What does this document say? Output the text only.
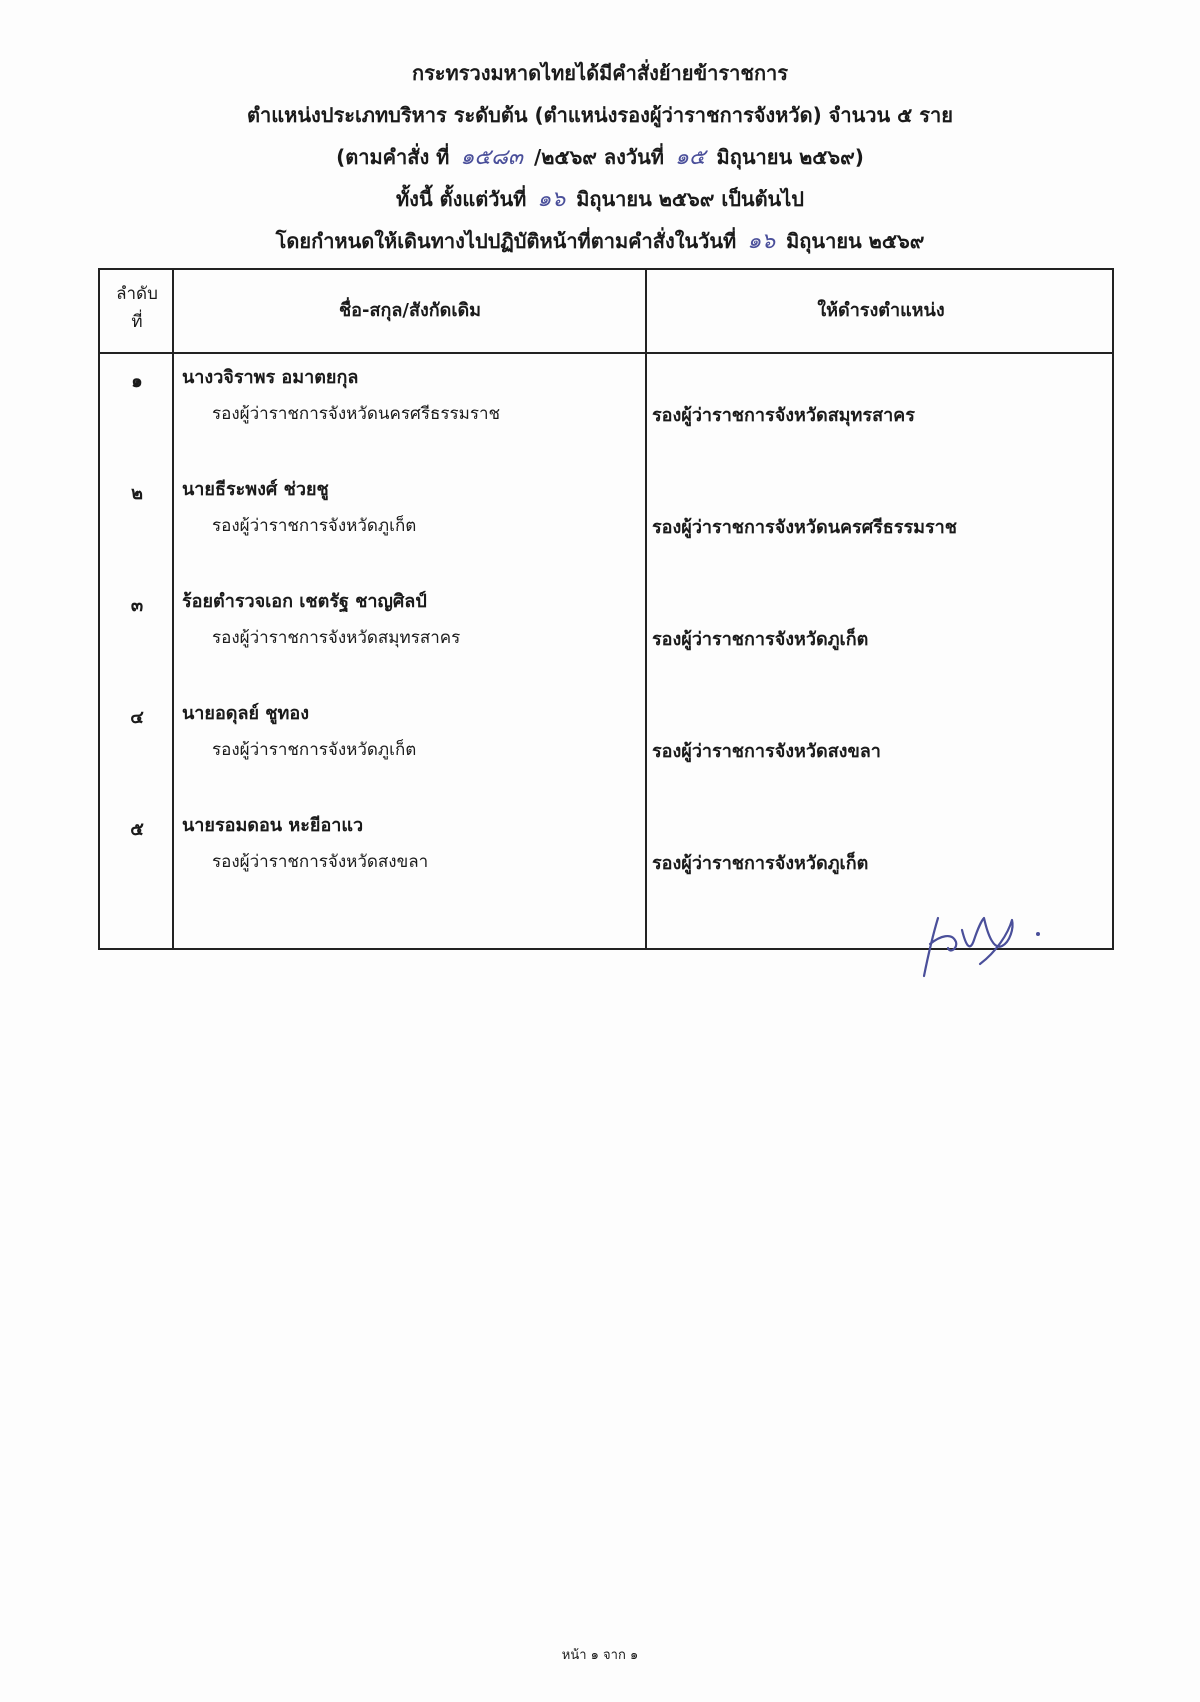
กระทรวงมหาดไทยได้มีคำสั่งย้ายข้าราชการ
ตำแหน่งประเภทบริหาร ระดับต้น (ตำแหน่งรองผู้ว่าราชการจังหวัด) จำนวน ๕ ราย
(ตามคำสั่ง ที่ ๑๕๘๓ /๒๕๖๙ ลงวันที่ ๑๕ มิถุนายน ๒๕๖๙)
ทั้งนี้ ตั้งแต่วันที่ ๑๖ มิถุนายน ๒๕๖๙ เป็นต้นไป
โดยกำหนดให้เดินทางไปปฏิบัติหน้าที่ตามคำสั่งในวันที่ ๑๖ มิถุนายน ๒๕๖๙
ลำดับ
ที่
ชื่อ-สกุล/สังกัดเดิม	ให้ดำรงตำแหน่ง
๑	นางวจิราพร อมาตยกุล
รองผู้ว่าราชการจังหวัดนครศรีธรรมราช	รองผู้ว่าราชการจังหวัดสมุทรสาคร
๒	นายธีระพงศ์ ช่วยชู
รองผู้ว่าราชการจังหวัดภูเก็ต	รองผู้ว่าราชการจังหวัดนครศรีธรรมราช
๓	ร้อยตำรวจเอก เชตรัฐ ชาญศิลป์
รองผู้ว่าราชการจังหวัดสมุทรสาคร	รองผู้ว่าราชการจังหวัดภูเก็ต
๔	นายอดุลย์ ชูทอง
รองผู้ว่าราชการจังหวัดภูเก็ต	รองผู้ว่าราชการจังหวัดสงขลา
๕	นายรอมดอน หะยีอาแว
รองผู้ว่าราชการจังหวัดสงขลา	รองผู้ว่าราชการจังหวัดภูเก็ต
หน้า ๑ จาก ๑
